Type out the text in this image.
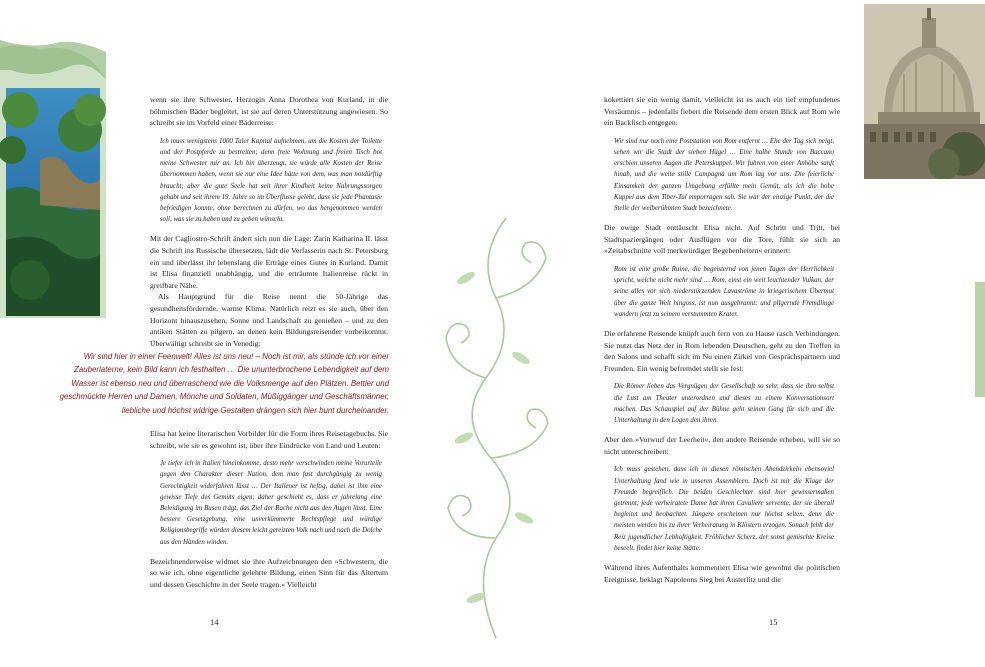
wenn sie ihre Schwester, Herzogin Anna Dorothea von Kurland, in die böhmischen Bäder begleitet, ist sie auf deren Unterstützung angewiesen. So schreibt sie im Vorfeld einer Bäderreise:

Ich muss wenigstens 1000 Taler Kapital aufnehmen, um die Kosten der Toilette und der Postpferde zu bestreiten; denn freie Wohnung und freien Tisch bot meine Schwester mir an. Ich bin überzeugt, sie würde alle Kosten der Reise übernommen haben, wenn sie nur eine Idee hätte von dem, was man notdürftig braucht; aber die gute Seele hat seit ihrer Kindheit keine Nahrungssorgen gehabt und seit ihrem 19. Jahre so im Überflusse gelebt, dass sie jede Phantasie befriedigen konnte, ohne berechnen zu dürfen, wo das hergenommen werden soll, was sie zu haben und zu geben wünscht.

Mit der Cagliostro-Schrift ändert sich nun die Lage: Zarin Katharina II. lässt die Schrift ins Russische übersetzen, lädt die Verfasserin nach St. Petersburg ein und überlässt ihr lebenslang die Erträge eines Gutes in Kurland. Damit ist Elisa finanziell unabhängig, und die erträumte Italienreise rückt in greifbare Nähe.

Als Hauptgrund für die Reise nennt die 50-Jährige das gesundheitsfördernde, warme Klima. Natürlich reizt es sie auch, über den Horizont hinauszusehen, Sonne und Landschaft zu genießen – und zu den antiken Stätten zu pilgern, an denen kein Bildungsreisender vorbeikommt. Überwältigt schreibt sie in Venedig:

Wir sind hier in einer Feenwelt! Alles ist uns neu! – Noch ist mir, als stünde ich vor einer Zauberlaterne, kein Bild kann ich festhalten … Die ununterbrochene Lebendigkeit auf dem Wasser ist ebenso neu und überraschend wie die Volksmenge auf den Plätzen. Bettler und geschmückte Herren und Damen, Mönche und Soldaten, Müßiggänger und Geschäftsmänner, liebliche und höchst widrige Gestalten drängen sich hier bunt durcheinander.

Elisa hat keine literarischen Vorbilder für die Form ihres Reisetagebuchs. Sie schreibt, wie sie es gewohnt ist, über ihre Eindrücke von Land und Leuten:

Je tiefer ich in Italien hineinkomme, desto mehr verschwinden meine Vorurteile gegen den Charakter dieser Nation, dem man fast durchgängig zu wenig Gerechtigkeit widerfahren lässt … Der Italiener ist heftig, dabei ist ihm eine gewisse Tiefe des Gemüts eigen; daher geschieht es, dass er jahrelang eine Beleidigung im Busen trägt, das Ziel der Rache nicht aus den Augen lässt. Eine bessere Gesetzgebung, eine unverkümmerte Rechtspflege und würdige Religionsbegriffe würden diesem leicht gereizten Volk nach und nach die Dolche aus den Händen winden.

Bezeichnenderweise widmet sie ihre Aufzeichnungen den »Schwestern, die so wie ich, ohne eigentliche gelehrte Bildung, einen Sinn für das Altertum und dessen Geschichte in der Seele tragen.« Vielleicht

14

kokettiert sie ein wenig damit, vielleicht ist es auch ein tief empfundenes Versäumnis – jedenfalls fiebert die Reisende dem ersten Blick auf Rom wie ein Backfisch entgegen:

Wir sind nur noch eine Poststation von Rom entfernt … Ehe der Tag sich neigt, sehen wir die Stadt der sieben Hügel … Eine halbe Stunde von Baccano erschien unseren Augen die Peterskuppel. Wir fuhren von einer Anhöhe sanft hinab, und die weite stille Campagna um Rom lag vor uns. Die feierliche Einsamkeit der ganzen Umgebung erfüllte mein Gemüt, als ich die hohe Kuppel aus dem Tiber-Tal emporragen sah. Sie war der einzige Punkt, der die Stelle der welberühmten Stadt bezeichnete.

Die ewige Stadt enttäuscht Elisa nicht. Auf Schritt und Tritt, bei Stadtspaziergängen oder Ausflügen vor die Tore, fühlt sie sich an »Zeitabschnitte voll merkwürdiger Begebenheiten« erinnert:

Rom ist eine große Ruine, die begeisternd von jenen Tagen der Herrlichkeit spricht, welche nicht mehr sind … Rom, einst ein weit leuchtender Vulkan, der seine alles vor sich niederstürzenden Lavaströme in kriegerischem Übermut über die ganze Welt hingoss, ist nun ausgebrannt; und pilgernde Fremdlinge wandern jetzt zu seinem verstummten Krater.

Die erfahrene Reisende knüpft auch fern von zu Hause rasch Verbindungen. Sie nutzt das Netz der in Rom lebenden Deutschen, geht zu den Treffen in den Salons und schafft sich im Nu einen Zirkel von Gesprächspartnern und Freunden. Ein wenig befremdet stellt sie fest:

Die Römer lieben das Vergnügen der Gesellschaft so sehr, dass sie ihm selbst die Lust am Theater unterordnen und dieses zu einem Konversationsort machen. Das Schauspiel auf der Bühne geht seinen Gang für sich und die Unterhaltung in den Logen den ihren.

Aber den »Vorwurf der Leerheit«, den andere Reisende erheben, will sie so nicht unterschreiben:

Ich muss gestehen, dass ich in diesen römischen Abendzirkeln ebensoviel Unterhaltung fand wie in unseren Assembleen. Doch ist mir die Klage der Freunde begreiflich. Die beiden Geschlechter sind hier gewissermaßen getrennt; jede verheiratete Dame hat ihren Cavaliere servente, der sie überall begleitet und beobachtet. Jüngere erscheinen nur höchst selten, denn die meisten werden bis zu ihrer Verheiratung in Klöstern erzogen. Sonach fehlt der Reiz jugendlicher Lebhaftigkeit. Fröhlicher Scherz, der sonst gemischte Kreise beseelt, findet hier keine Stätte.

Während ihres Aufenthalts kommentiert Elisa wie gewohnt die politischen Ereignisse, beklagt Napoleons Sieg bei Austerlitz und die

15
